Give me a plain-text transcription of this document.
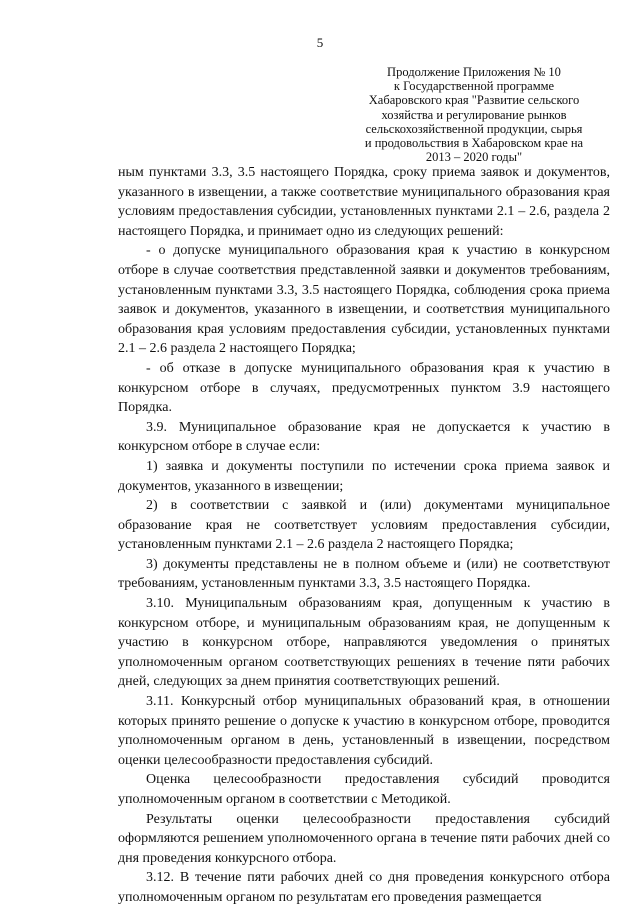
5
Продолжение Приложения № 10
к Государственной программе
Хабаровского края "Развитие сельского
хозяйства и регулирование рынков
сельскохозяйственной продукции, сырья
и продовольствия в Хабаровском крае на
2013 – 2020 годы"

ным пунктами 3.3, 3.5 настоящего Порядка, сроку приема заявок и документов, указанного в извещении, а также соответствие муниципального образования края условиям предоставления субсидии, установленных пунктами 2.1 – 2.6, раздела 2 настоящего Порядка, и принимает одно из следующих решений:

- о допуске муниципального образования края к участию в конкурсном отборе в случае соответствия представленной заявки и документов требованиям, установленным пунктами 3.3, 3.5 настоящего Порядка, соблюдения срока приема заявок и документов, указанного в извещении, и соответствия муниципального образования края условиям предоставления субсидии, установленных пунктами 2.1 – 2.6 раздела 2 настоящего Порядка;

- об отказе в допуске муниципального образования края к участию в конкурсном отборе в случаях, предусмотренных пунктом 3.9 настоящего Порядка.

3.9. Муниципальное образование края не допускается к участию в конкурсном отборе в случае если:

1) заявка и документы поступили по истечении срока приема заявок и документов, указанного в извещении;

2) в соответствии с заявкой и (или) документами муниципальное образование края не соответствует условиям предоставления субсидии, установленным пунктами 2.1 – 2.6 раздела 2 настоящего Порядка;

3) документы представлены не в полном объеме и (или) не соответствуют требованиям, установленным пунктами 3.3, 3.5 настоящего Порядка.

3.10. Муниципальным образованиям края, допущенным к участию в конкурсном отборе, и муниципальным образованиям края, не допущенным к участию в конкурсном отборе, направляются уведомления о принятых уполномоченным органом соответствующих решениях в течение пяти рабочих дней, следующих за днем принятия соответствующих решений.

3.11. Конкурсный отбор муниципальных образований края, в отношении которых принято решение о допуске к участию в конкурсном отборе, проводится уполномоченным органом в день, установленный в извещении, посредством оценки целесообразности предоставления субсидий.

Оценка целесообразности предоставления субсидий проводится уполномоченным органом в соответствии с Методикой.

Результаты оценки целесообразности предоставления субсидий оформляются решением уполномоченного органа в течение пяти рабочих дней со дня проведения конкурсного отбора.

3.12. В течение пяти рабочих дней со дня проведения конкурсного отбора уполномоченным органом по результатам его проведения размещается
